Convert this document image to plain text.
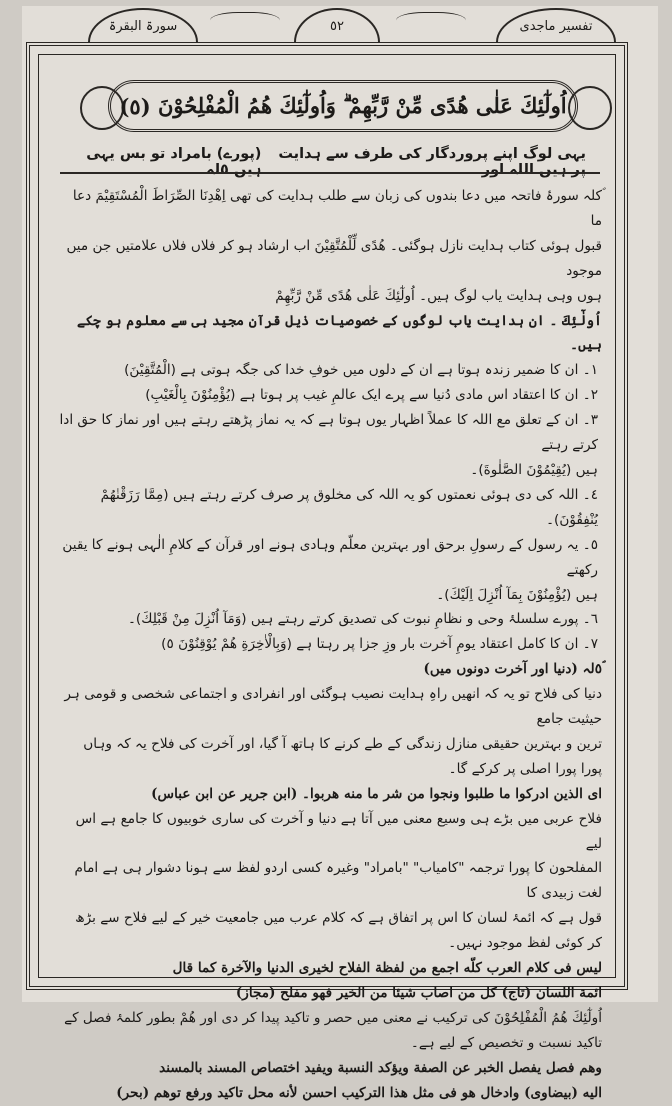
تفسیر ماجدی
٥٢
سورۃ البقرۃ
اُولٰٓئِكَ عَلٰى هُدًى مِّنْ رَّبِّهِمْ ۗ وَاُولٰٓئِكَ هُمُ الْمُفْلِحُوْنَ
(
٥
)
یہی لوگ اپنے پروردگار کی طرف سے ہدایت پر ہیں اللہ اور
(پورے) بامراد تو بس یہی ہیں ٥لہ

ؐکلہ سورۂ فاتحہ میں دعا بندوں کی زبان سے طلب ہدایت کی تھی اِهْدِنَا الصِّرَاطَ الْمُسْتَقِيْمَ دعا ما

قبول ہوئی کتاب ہدایت نازل ہوگئی۔ هُدًى لِّلْمُتَّقِيْنَ اب ارشاد ہو کر فلاں فلاں علامتیں جن میں موجود

ہوں وہی ہدایت یاب لوگ ہیں۔ اُولٰٓئِكَ عَلٰى هُدًى مِّنْ رَّبِّهِمْ

اُولٰٓئِكَ ۔ ان ہدایت یاب لوگوں کے خصوصیات ذیل قرآن مجید ہی سے معلوم ہو چکے ہیں۔

١۔ ان کا ضمیر زندہ ہوتا ہے ان کے دلوں میں خوفِ خدا کی جگہ ہوتی ہے (الْمُتَّقِيْنَ)

٢۔ ان کا اعتقاد اس مادی دُنیا سے پرے ایک عالمِ غیب پر ہوتا ہے (يُؤْمِنُوْنَ بِالْغَيْبِ)

٣۔ ان کے تعلق مع اللہ کا عملاً اظہار یوں ہوتا ہے کہ یہ نماز پڑھتے رہتے ہیں اور نماز کا حق ادا کرتے رہتے

ہیں (يُقِيْمُوْنَ الصَّلٰوةَ)۔

٤۔ اللہ کی دی ہوئی نعمتوں کو یہ اللہ کی مخلوق پر صرف کرتے رہتے ہیں (مِمَّا رَزَقْنٰهُمْ يُنْفِقُوْنَ)۔

٥۔ یہ رسول کے رسولِ برحق اور بہترین معلّم وہادی ہونے اور قرآن کے کلامِ الٰہی ہونے کا یقین رکھتے

ہیں (يُؤْمِنُوْنَ بِمَآ اُنْزِلَ اِلَيْكَ)۔

٦۔ پورے سلسلۂ وحی و نظامِ نبوت کی تصدیق کرتے رہتے ہیں (وَمَآ اُنْزِلَ مِنْ قَبْلِكَ)۔

٧۔ ان کا کامل اعتقاد یومِ آخرت بار وزِ جزا پر رہتا ہے (وَبِالْاٰخِرَةِ هُمْ يُوْقِنُوْنَ ٥)

ؐ٥لہ (دنیا اور آخرت دونوں میں)

دنیا کی فلاح تو یہ کہ انھیں راہِ ہدایت نصیب ہوگئی اور انفرادی و اجتماعی شخصی و قومی ہر حیثیت جامع

ترین و بہترین حقیقی منازل زندگی کے طے کرنے کا ہاتھ آ گیا، اور آخرت کی فلاح یہ کہ وہاں پورا پورا اصلی پر کرکے گا۔

ای الذین ادرکوا ما طلبوا ونجوا من شر ما منه هربوا۔ (ابن جریر عن ابن عباس)

فلاح عربی میں بڑے ہی وسیع معنی میں آتا ہے دنیا و آخرت کی ساری خوبیوں کا جامع ہے اس لیے

المفلحون کا پورا ترجمہ "کامیاب" "بامراد" وغیرہ کسی اردو لفظ سے ہونا دشوار ہی ہے امام لغت زبیدی کا

قول ہے کہ ائمۂ لسان کا اس پر اتفاق ہے کہ کلام عرب میں جامعیت خیر کے لیے فلاح سے بڑھ کر کوئی لفظ موجود نہیں۔

لیس فی کلام العرب کلّه اجمع من لفظة الفلاح لخیری الدنیا والآخرة کما قال

ائمة اللسان (تاج) کل من اصاب شیئا من الخیر فهو مفلح (مجاز)

اُولٰٓئِكَ هُمُ الْمُفْلِحُوْنَ کی ترکیب نے معنی میں حصر و تاکید پیدا کر دی اور هُمْ بطور کلمۂ فصل کے

تاکید نسبت و تخصیص کے لیے ہے۔

وهم فصل یفصل الخبر عن الصفة ویؤکد النسبة ویفید اختصاص المسند بالمسند

الیه (بیضاوی) وادخال هو فی مثل هذا الترکیب احسن لأنه محل تاکید ورفع توهم (بحر)
